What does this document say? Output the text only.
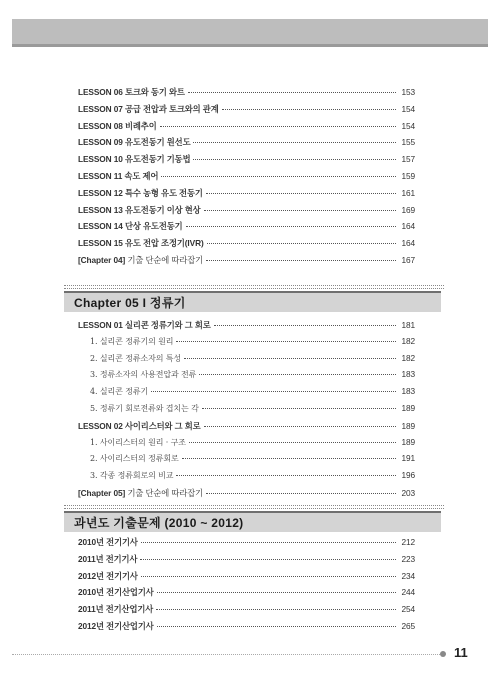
LESSON 06 토크와 동기 와트	153
LESSON 07 공급 전압과 토크와의 관계	154
LESSON 08 비례추이	154
LESSON 09 유도전동기 원선도	155
LESSON 10 유도전동기 기동법	157
LESSON 11 속도 제어	159
LESSON 12 특수 농형 유도 전동기	161
LESSON 13 유도전동기 이상 현상	169
LESSON 14 단상 유도전동기	164
LESSON 15 유도 전압 조정기(IVR)	164
[Chapter 04] 기출 단순에 따라잡기	167
Chapter 05 I 정류기
LESSON 01 실리콘 정류기와 그 회로	181
1. 실리콘 정류기의 원리	182
2. 실리콘 정류소자의 특성	182
3. 정류소자의 사용전압과 전류	183
4. 실리콘 정류기	183
5. 정류기 회로전류와 겹치는 각	189
LESSON 02 사이리스터와 그 회로	189
1. 사이리스터의 원리 · 구조	189
2. 사이리스터의 정류회로	191
3. 각종 정류회로의 비교	196
[Chapter 05] 기출 단순에 따라잡기	203
과년도 기출문제 (2010 ~ 2012)
2010년 전기기사	212
2011년 전기기사	223
2012년 전기기사	234
2010년 전기산업기사	244
2011년 전기산업기사	254
2012년 전기산업기사	265
11
